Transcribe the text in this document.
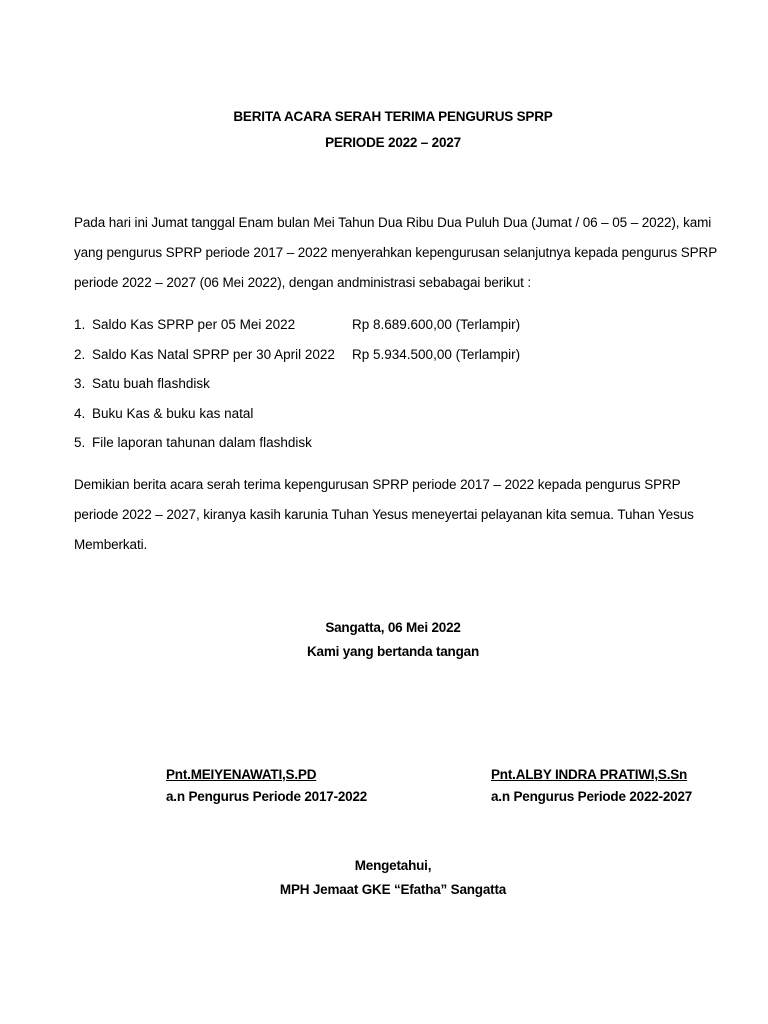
BERITA ACARA SERAH TERIMA PENGURUS SPRP
PERIODE 2022 – 2027
Pada hari ini Jumat tanggal Enam bulan Mei Tahun Dua Ribu Dua Puluh Dua (Jumat / 06 – 05 – 2022), kami yang pengurus SPRP periode 2017 – 2022 menyerahkan kepengurusan selanjutnya kepada pengurus SPRP periode 2022 – 2027 (06 Mei 2022), dengan andministrasi sebabagai berikut :
1. Saldo Kas SPRP per 05 Mei 2022	Rp 8.689.600,00 (Terlampir)
2. Saldo Kas Natal SPRP per 30 April 2022	Rp 5.934.500,00 (Terlampir)
3. Satu buah flashdisk
4. Buku Kas & buku kas natal
5. File laporan tahunan dalam flashdisk
Demikian berita acara serah terima kepengurusan SPRP periode 2017 – 2022 kepada pengurus SPRP periode 2022 – 2027, kiranya kasih karunia Tuhan Yesus meneyertai pelayanan kita semua. Tuhan Yesus Memberkati.
Sangatta, 06 Mei 2022
Kami yang bertanda tangan
Pnt.MEIYENAWATI,S.PD
a.n Pengurus Periode 2017-2022
Pnt.ALBY INDRA PRATIWI,S.Sn
a.n Pengurus Periode 2022-2027
Mengetahui,
MPH Jemaat GKE “Efatha” Sangatta
